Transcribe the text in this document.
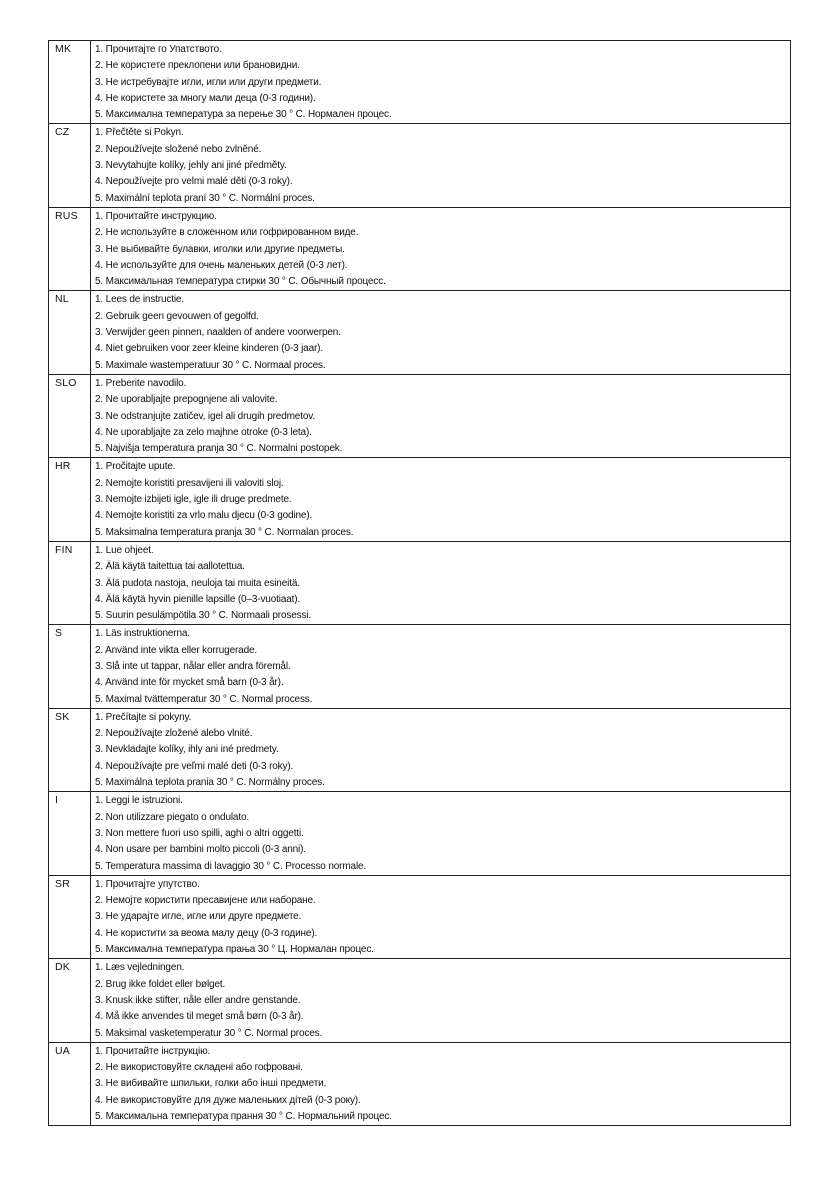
MK	1. Прочитајте го Упатството.
2. Не користете преклопени или брановидни.
3. Не истребувајте игли, игли или други предмети.
4. Не користете за многу мали деца (0-3 години).
5. Максимална температура за перење 30 ° C. Нормален процес.

CZ	1. Přečtěte si Pokyn.
2. Nepoužívejte složené nebo zvlněné.
3. Nevytahujte kolíky, jehly ani jiné předměty.
4. Nepoužívejte pro velmi malé děti (0-3 roky).
5. Maximální teplota praní 30 ° C. Normální proces.

RUS	1. Прочитайте инструкцию.
2. Не используйте в сложенном или гофрированном виде.
3. Не выбивайте булавки, иголки или другие предметы.
4. Не используйте для очень маленьких детей (0-3 лет).
5. Максимальная температура стирки 30 ° C. Обычный процесс.

NL	1. Lees de instructie.
2. Gebruik geen gevouwen of gegolfd.
3. Verwijder geen pinnen, naalden of andere voorwerpen.
4. Niet gebruiken voor zeer kleine kinderen (0-3 jaar).
5. Maximale wastemperatuur 30 ° C. Normaal proces.

SLO	1. Preberite navodilo.
2. Ne uporabljajte prepognjene ali valovite.
3. Ne odstranjujte zatičev, igel ali drugih predmetov.
4. Ne uporabljajte za zelo majhne otroke (0-3 leta).
5. Najvišja temperatura pranja 30 ° C. Normalni postopek.

HR	1. Pročitajte upute.
2. Nemojte koristiti presavijeni ili valoviti sloj.
3. Nemojte izbijeti igle, igle ili druge predmete.
4. Nemojte koristiti za vrlo malu djecu (0-3 godine).
5. Maksimalna temperatura pranja 30 ° C. Normalan proces.

FIN	1. Lue ohjeet.
2. Älä käytä taitettua tai aallotettua.
3. Älä pudota nastoja, neuloja tai muita esineitä.
4. Älä käytä hyvin pienille lapsille (0–3-vuotiaat).
5. Suurin pesulämpötila 30 ° C. Normaali prosessi.

S	1. Läs instruktionerna.
2. Använd inte vikta eller korrugerade.
3. Slå inte ut tappar, nålar eller andra föremål.
4. Använd inte för mycket små barn (0-3 år).
5. Maximal tvättemperatur 30 ° C. Normal process.

SK	1. Prečítajte si pokyny.
2. Nepoužívajte zložené alebo vlnité.
3. Nevkladajte kolíky, ihly ani iné predmety.
4. Nepoužívajte pre veľmi malé deti (0-3 roky).
5. Maximálna teplota prania 30 ° C. Normálny proces.

I	1. Leggi le istruzioni.
2. Non utilizzare piegato o ondulato.
3. Non mettere fuori uso spilli, aghi o altri oggetti.
4. Non usare per bambini molto piccoli (0-3 anni).
5. Temperatura massima di lavaggio 30 ° C. Processo normale.

SR	1. Прочитајте упутство.
2. Немојте користити пресавијене или наборане.
3. Не ударајте игле, игле или друге предмете.
4. Не користити за веома малу децу (0-3 године).
5. Максимална температура прања 30 ° Ц. Нормалан процес.

DK	1. Læs vejledningen.
2. Brug ikke foldet eller bølget.
3. Knusk ikke stifter, nåle eller andre genstande.
4. Må ikke anvendes til meget små børn (0-3 år).
5. Maksimal vasketemperatur 30 ° C. Normal proces.

UA	1. Прочитайте інструкцію.
2. Не використовуйте складені або гофровані.
3. Не вибивайте шпильки, голки або інші предмети.
4. Не використовуйте для дуже маленьких дітей (0-3 року).
5. Максимальна температура прання 30 ° C. Нормальний процес.
